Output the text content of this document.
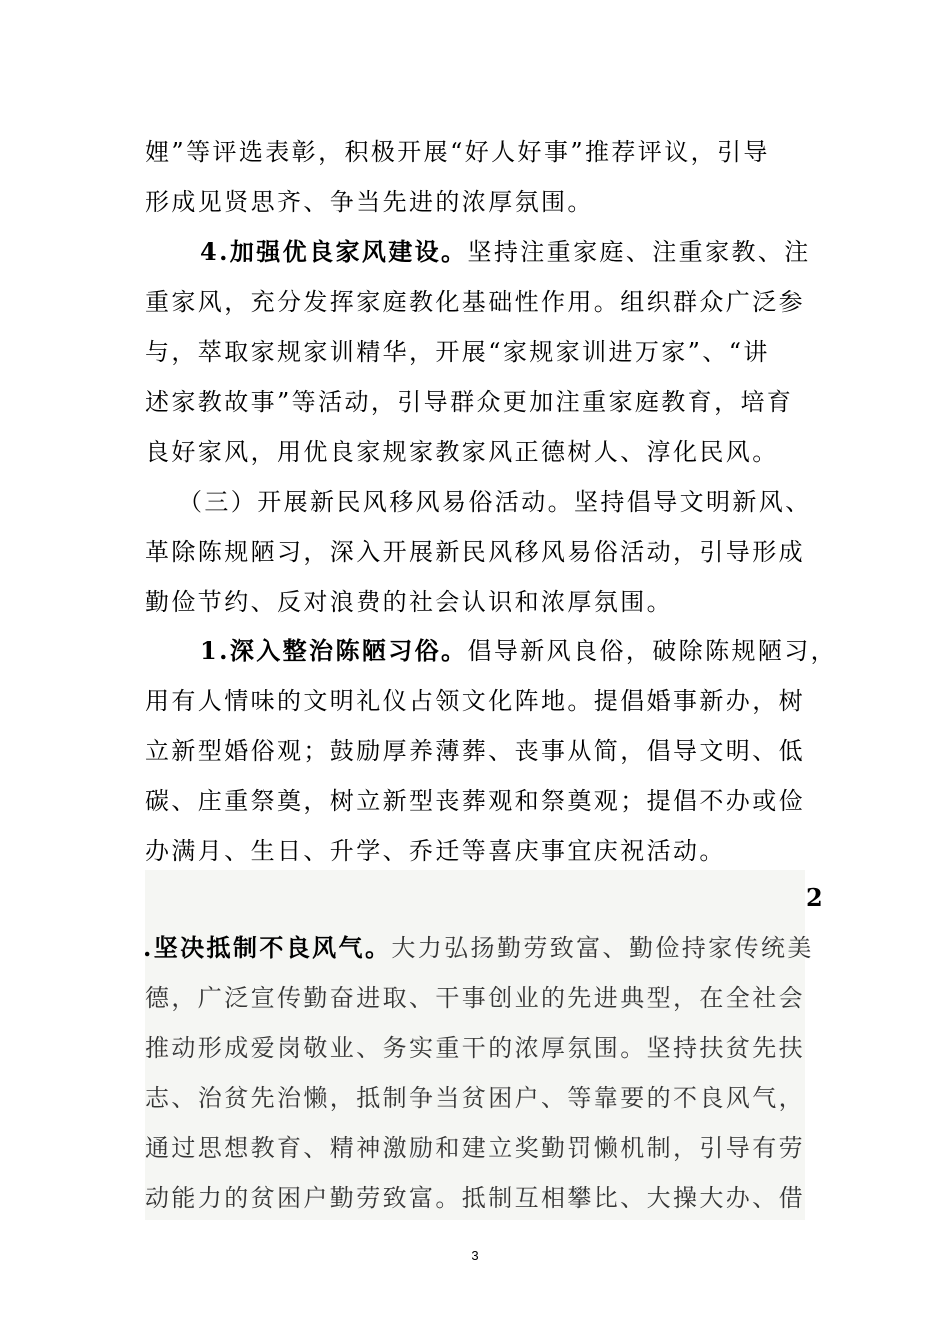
娌”等评选表彰，积极开展“好人好事”推荐评议，引导
形成见贤思齐、争当先进的浓厚氛围。
4.加强优良家风建设。坚持注重家庭、注重家教、注
重家风，充分发挥家庭教化基础性作用。组织群众广泛参
与，萃取家规家训精华，开展“家规家训进万家”、“讲
述家教故事”等活动，引导群众更加注重家庭教育，培育
良好家风，用优良家规家教家风正德树人、淳化民风。
（三）开展新民风移风易俗活动。坚持倡导文明新风、
革除陈规陋习，深入开展新民风移风易俗活动，引导形成
勤俭节约、反对浪费的社会认识和浓厚氛围。
1.深入整治陈陋习俗。倡导新风良俗，破除陈规陋习，
用有人情味的文明礼仪占领文化阵地。提倡婚事新办，树
立新型婚俗观；鼓励厚养薄葬、丧事从简，倡导文明、低
碳、庄重祭奠，树立新型丧葬观和祭奠观；提倡不办或俭
办满月、生日、升学、乔迁等喜庆事宜庆祝活动。
2
.坚决抵制不良风气。大力弘扬勤劳致富、勤俭持家传统美
德，广泛宣传勤奋进取、干事创业的先进典型，在全社会
推动形成爱岗敬业、务实重干的浓厚氛围。坚持扶贫先扶
志、治贫先治懒，抵制争当贫困户、等靠要的不良风气，
通过思想教育、精神激励和建立奖勤罚懒机制，引导有劳
动能力的贫困户勤劳致富。抵制互相攀比、大操大办、借
3
